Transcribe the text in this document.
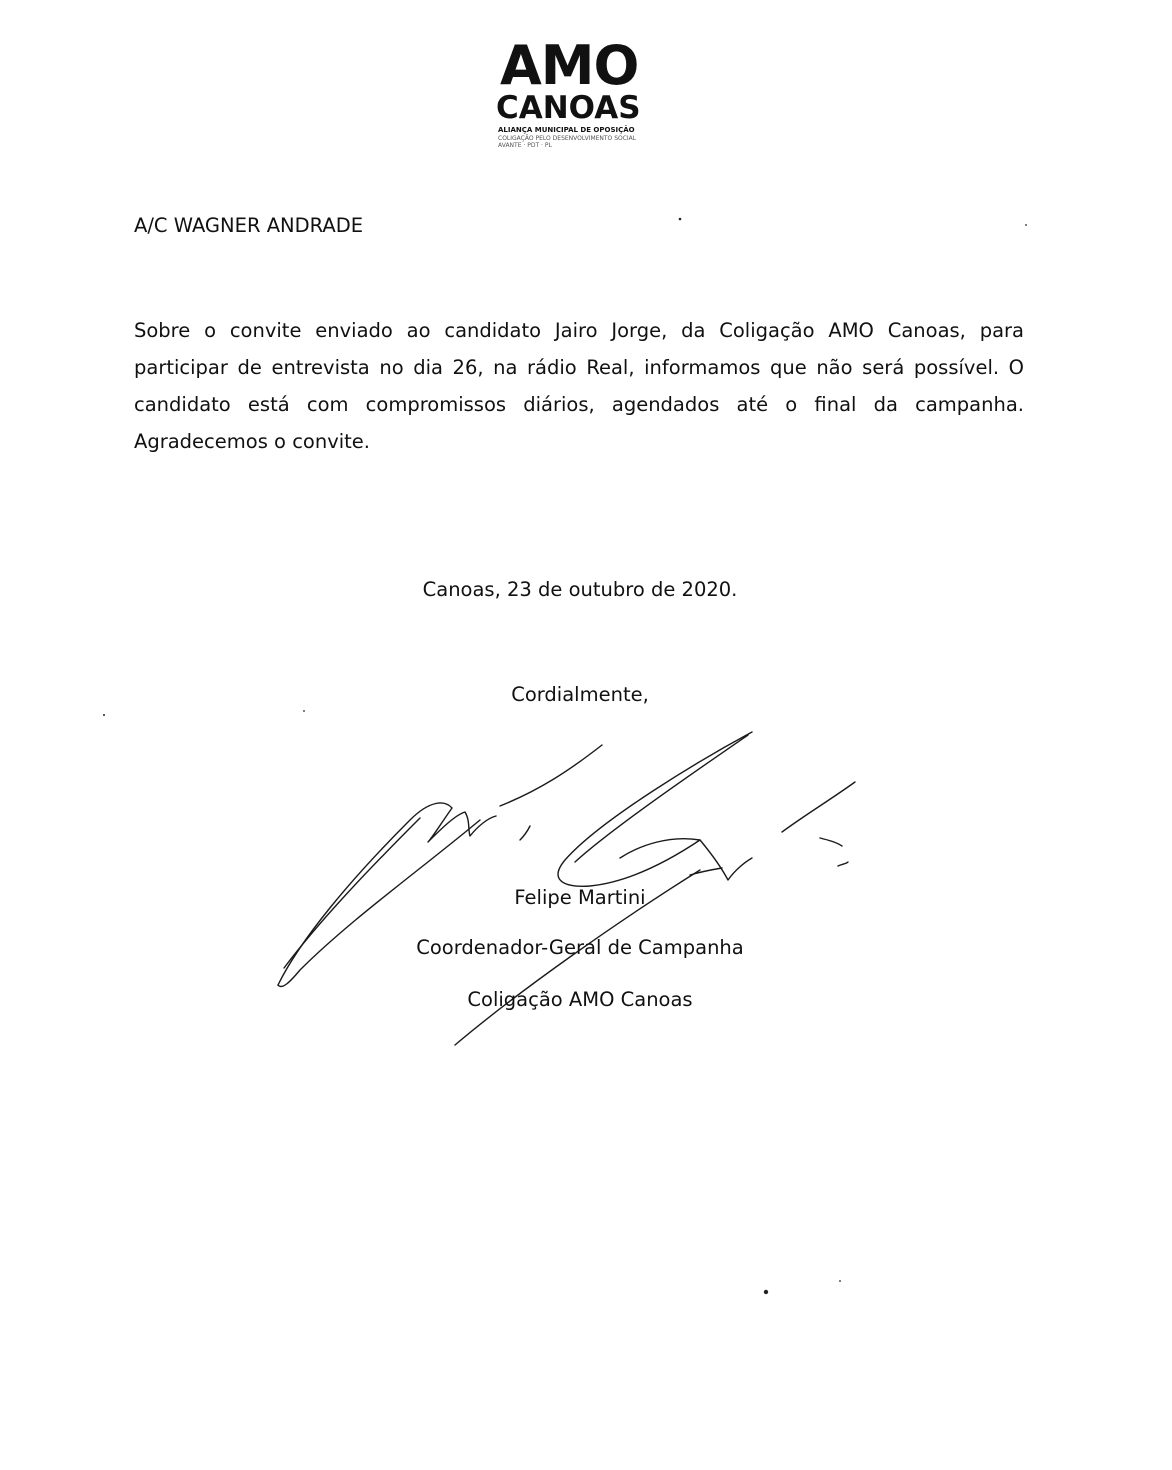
AMO
CANOAS
ALIANÇA MUNICIPAL DE OPOSIÇÃO
COLIGAÇÃO PELO DESENVOLVIMENTO SOCIAL
AVANTE · PDT · PL
A/C WAGNER ANDRADE
Sobre o convite enviado ao candidato Jairo Jorge, da Coligação AMO Canoas, para participar de entrevista no dia 26, na rádio Real, informamos que não será possível. O candidato está com compromissos diários, agendados até o final da campanha. Agradecemos o convite.
Canoas, 23 de outubro de 2020.
Cordialmente,
Felipe Martini
Coordenador-Geral de Campanha
Coligação AMO Canoas
